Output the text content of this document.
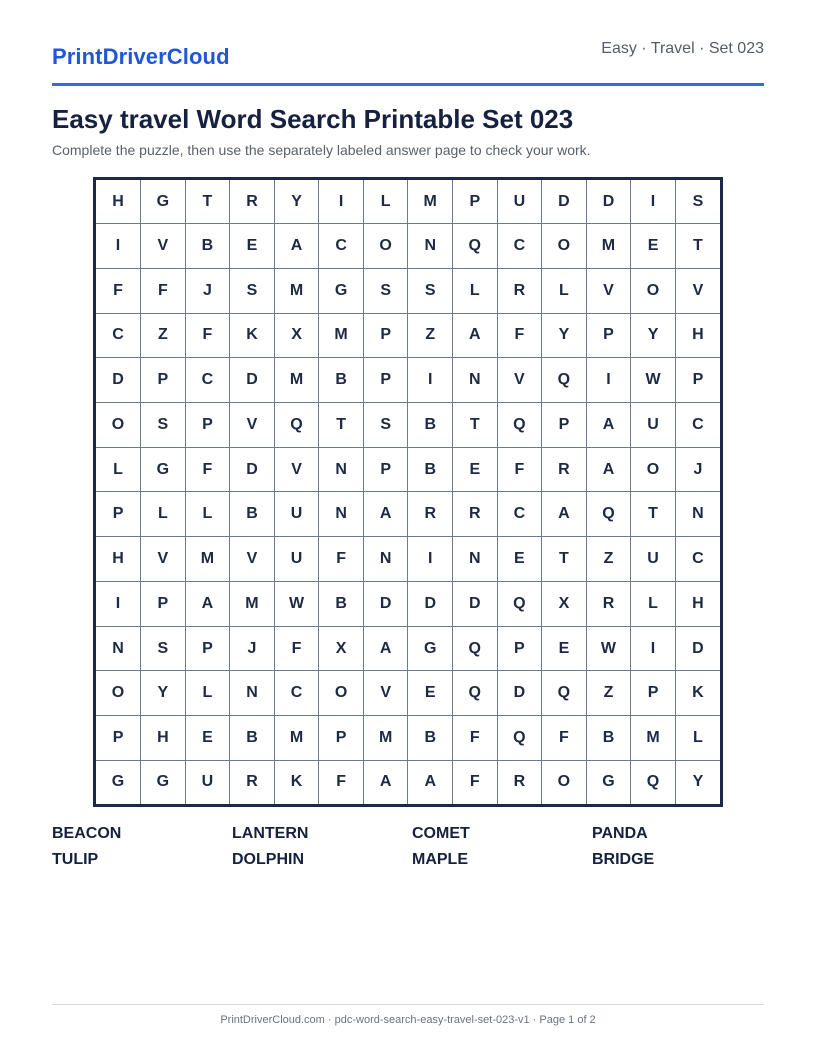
PrintDriverCloud	Easy · Travel · Set 023
Easy travel Word Search Printable Set 023
Complete the puzzle, then use the separately labeled answer page to check your work.
H	G	T	R	Y	I	L	M	P	U	D	D	I	S
I	V	B	E	A	C	O	N	Q	C	O	M	E	T
F	F	J	S	M	G	S	S	L	R	L	V	O	V
C	Z	F	K	X	M	P	Z	A	F	Y	P	Y	H
D	P	C	D	M	B	P	I	N	V	Q	I	W	P
O	S	P	V	Q	T	S	B	T	Q	P	A	U	C
L	G	F	D	V	N	P	B	E	F	R	A	O	J
P	L	L	B	U	N	A	R	R	C	A	Q	T	N
H	V	M	V	U	F	N	I	N	E	T	Z	U	C
I	P	A	M	W	B	D	D	D	Q	X	R	L	H
N	S	P	J	F	X	A	G	Q	P	E	W	I	D
O	Y	L	N	C	O	V	E	Q	D	Q	Z	P	K
P	H	E	B	M	P	M	B	F	Q	F	B	M	L
G	G	U	R	K	F	A	A	F	R	O	G	Q	Y
BEACON	LANTERN	COMET	PANDA
TULIP	DOLPHIN	MAPLE	BRIDGE
PrintDriverCloud.com · pdc-word-search-easy-travel-set-023-v1 · Page 1 of 2
